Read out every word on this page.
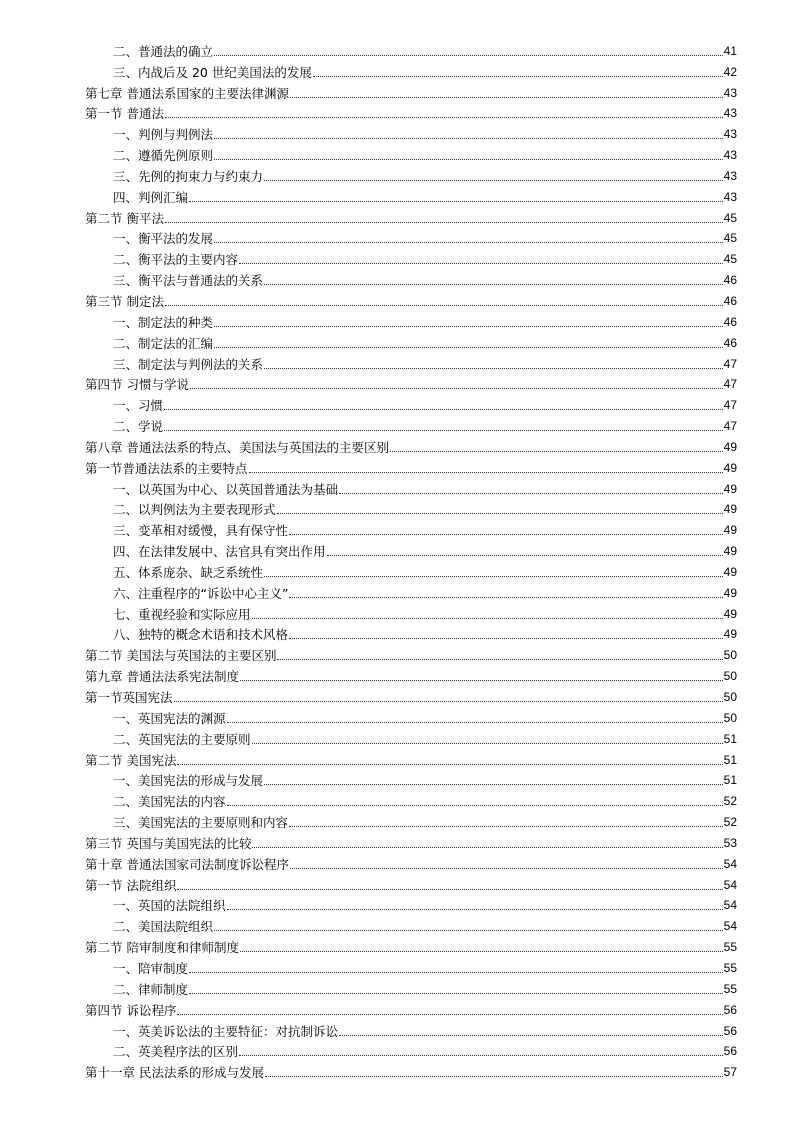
二、普通法的确立	41
三、内战后及 20 世纪美国法的发展	42
第七章 普通法系国家的主要法律渊源	43
第一节 普通法	43
一、判例与判例法	43
二、遵循先例原则	43
三、先例的拘束力与约束力	43
四、判例汇编	43
第二节 衡平法	45
一、衡平法的发展	45
二、衡平法的主要内容	45
三、衡平法与普通法的关系	46
第三节 制定法	46
一、制定法的种类	46
二、制定法的汇编	46
三、制定法与判例法的关系	47
第四节 习惯与学说	47
一、习惯	47
二、学说	47
第八章 普通法法系的特点、美国法与英国法的主要区别	49
第一节普通法法系的主要特点	49
一、以英国为中心、以英国普通法为基础	49
二、以判例法为主要表现形式	49
三、变革相对缓慢，具有保守性	49
四、在法律发展中、法官具有突出作用	49
五、体系庞杂、缺乏系统性	49
六、注重程序的“诉讼中心主义”	49
七、重视经验和实际应用	49
八、独特的概念术语和技术风格	49
第二节 美国法与英国法的主要区别	50
第九章 普通法法系宪法制度	50
第一节英国宪法	50
一、英国宪法的渊源	50
二、英国宪法的主要原则	51
第二节 美国宪法	51
一、美国宪法的形成与发展	51
二、美国宪法的内容	52
三、美国宪法的主要原则和内容	52
第三节 英国与美国宪法的比较	53
第十章 普通法国家司法制度诉讼程序	54
第一节 法院组织	54
一、英国的法院组织	54
二、美国法院组织	54
第二节 陪审制度和律师制度	55
一、陪审制度	55
二、律师制度	55
第四节 诉讼程序	56
一、英美诉讼法的主要特征：对抗制诉讼	56
二、英美程序法的区别	56
第十一章 民法法系的形成与发展	57
